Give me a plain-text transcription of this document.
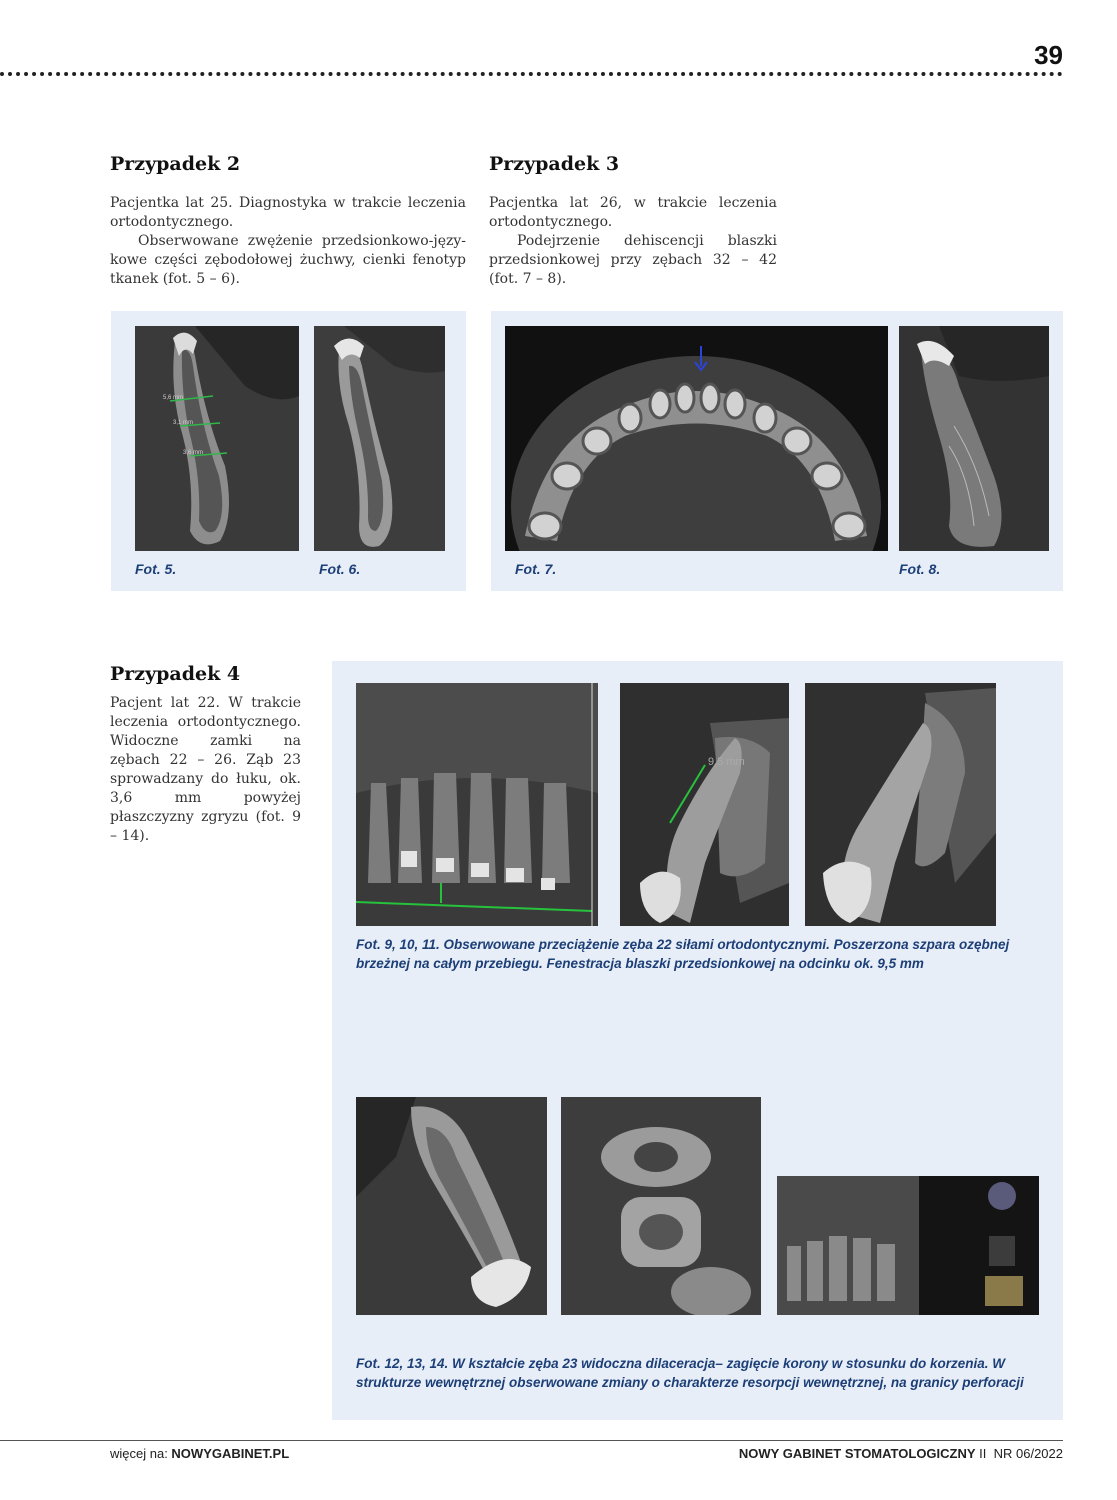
39
Przypadek 2

Pacjentka lat 25. Diagnostyka w trakcie leczenia ortodontycznego.

Obserwowane zwężenie przedsionkowo-językowe części zębodołowej żuchwy, cienki fenotyp tkanek (fot. 5 – 6).

Przypadek 3

Pacjentka lat 26, w trakcie leczenia ortodontycznego.

Podejrzenie dehiscencji blaszki przedsionkowej przy zębach 32 – 42 (fot. 7 – 8).

5,6 mm
3,1 mm
3,6 mm
Fot. 5.	Fot. 6.	Fot. 7.	Fot. 8.
Przypadek 4
Pacjent lat 22. W trakcie leczenia ortodontycznego. Widoczne zamki na zębach 22 – 26. Ząb 23 sprowadzany do łuku, ok. 3,6 mm powyżej płaszczyzny zgryzu (fot. 9 – 14).
9,5 mm
Fot. 9, 10, 11. Obserwowane przeciążenie zęba 22 siłami ortodontycznymi. Poszerzona szpara ozębnej brzeżnej na całym przebiegu. Fenestracja blaszki przedsionkowej na odcinku ok. 9,5 mm
Fot. 12, 13, 14. W kształcie zęba 23 widoczna dilaceracja– zagięcie korony w stosunku do korzenia. W strukturze wewnętrznej obserwowane zmiany o charakterze resorpcji wewnętrznej, na granicy perforacji
więcej na: NOWYGABINET.PL	NOWY GABINET STOMATOLOGICZNY II  NR 06/2022
